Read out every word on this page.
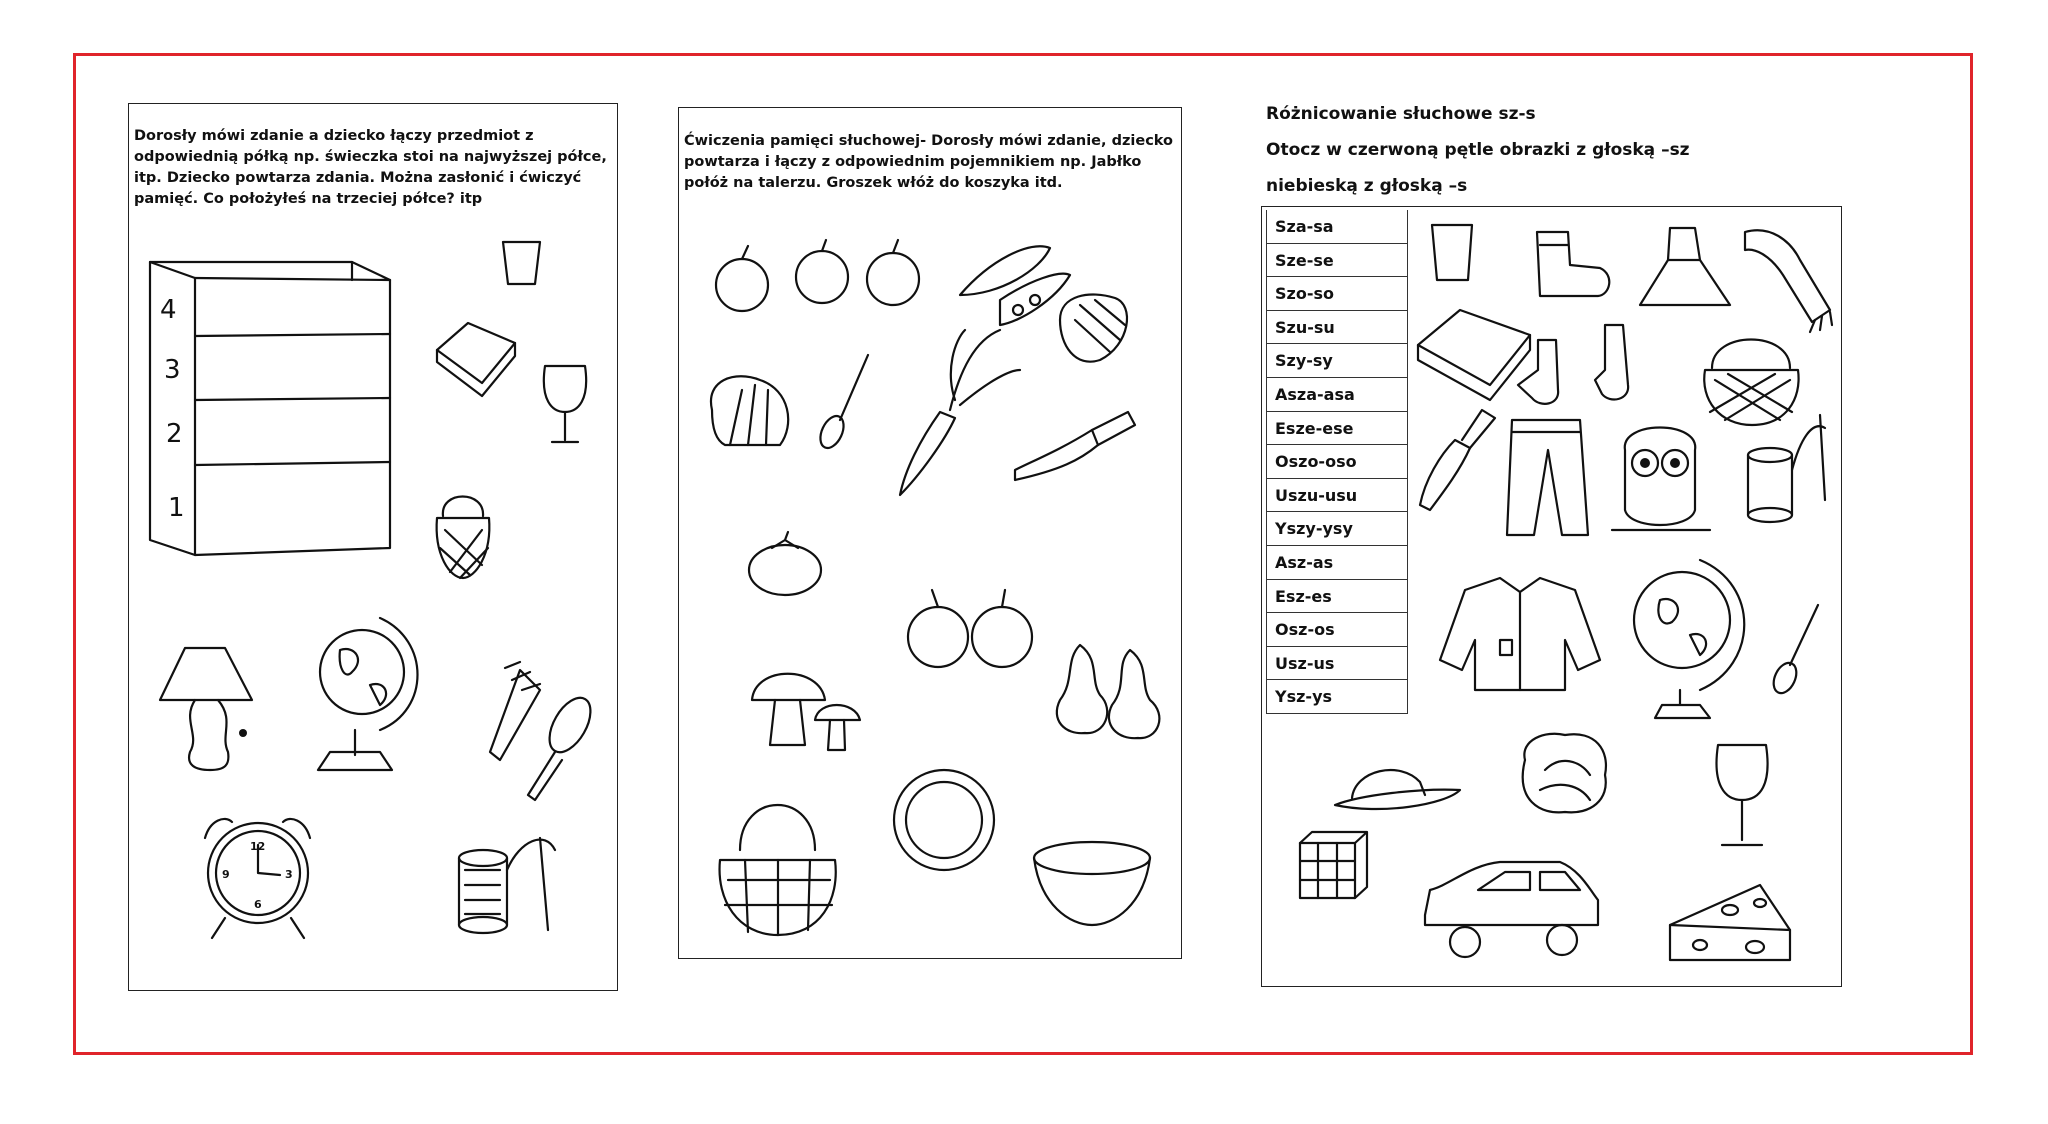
Dorosły mówi zdanie a dziecko łączy przedmiot z odpowiednią półką np. świeczka stoi na najwyższej półce, itp. Dziecko powtarza zdania. Można zasłonić i ćwiczyć pamięć. Co położyłeś na trzeciej półce? itp
Ćwiczenia pamięci słuchowej- Dorosły mówi zdanie, dziecko powtarza i łączy z odpowiednim pojemnikiem np. Jabłko połóż na talerzu. Groszek włóż do koszyka itd.
Różnicowanie słuchowe sz-s
Otocz w czerwoną pętle obrazki z głoską –sz
niebieską z głoską –s
Sza-sa
Sze-se
Szo-so
Szu-su
Szy-sy
Asza-asa
Esze-ese
Oszo-oso
Uszu-usu
Yszy-ysy
Asz-as
Esz-es
Osz-os
Usz-us
Ysz-ys
4
3
2
1
12
3
6
9
